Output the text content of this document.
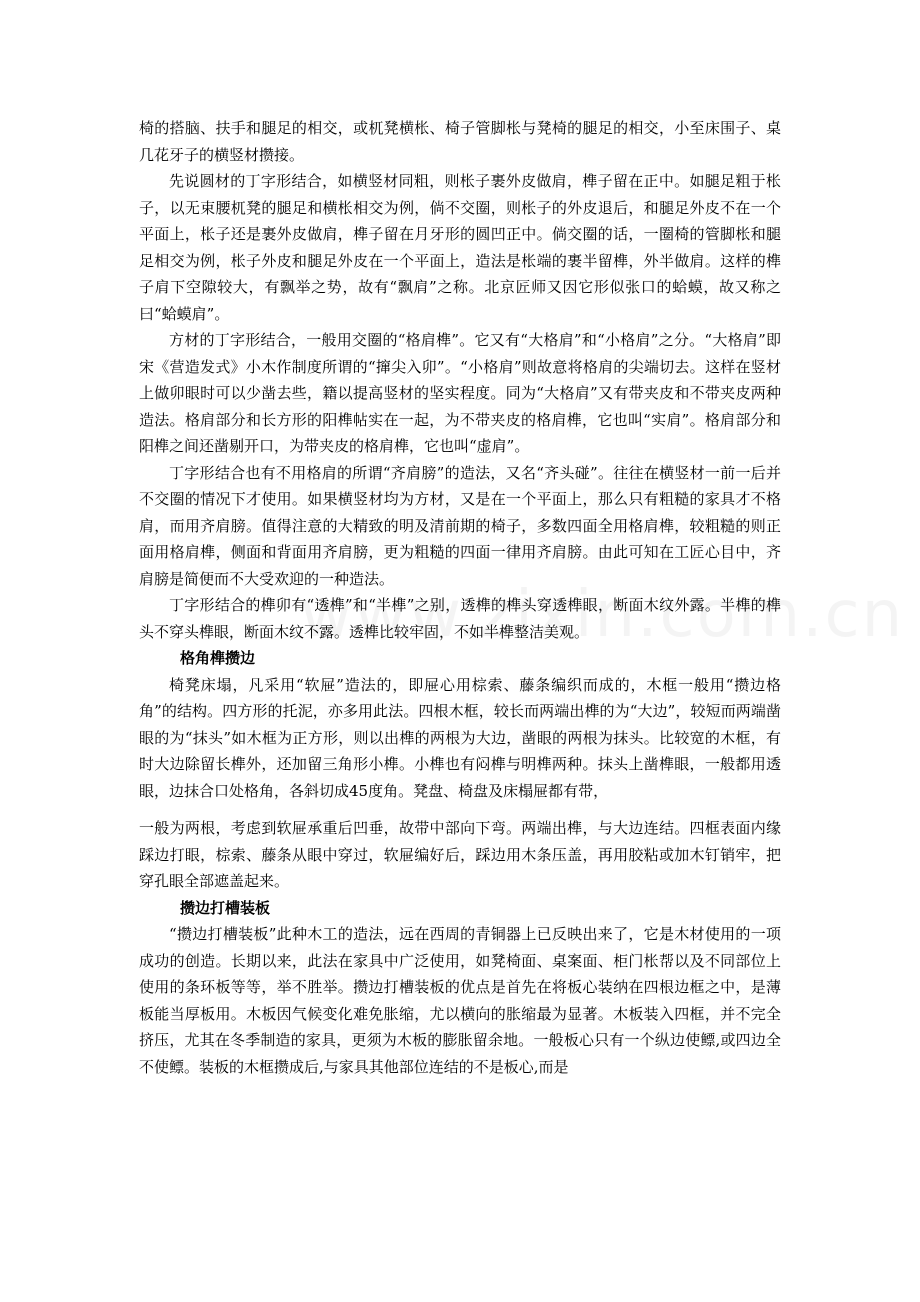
椅的搭脑、扶手和腿足的相交，或杌凳横枨、椅子管脚枨与凳椅的腿足的相交，小至床围子、桌几花牙子的横竖材攒接。

先说圆材的丁字形结合，如横竖材同粗，则枨子裹外皮做肩，榫子留在正中。如腿足粗于枨子，以无束腰杌凳的腿足和横枨相交为例，倘不交圈，则枨子的外皮退后，和腿足外皮不在一个平面上，枨子还是裹外皮做肩，榫子留在月牙形的圆凹正中。倘交圈的话，一圈椅的管脚枨和腿足相交为例，枨子外皮和腿足外皮在一个平面上，造法是枨端的裹半留榫，外半做肩。这样的榫子肩下空隙较大，有飘举之势，故有“飘肩”之称。北京匠师又因它形似张口的蛤蟆，故又称之曰“蛤蟆肩”。

方材的丁字形结合，一般用交圈的“格肩榫”。它又有“大格肩”和“小格肩”之分。“大格肩”即宋《营造发式》小木作制度所谓的“撺尖入卯”。“小格肩”则故意将格肩的尖端切去。这样在竖材上做卯眼时可以少凿去些，籍以提高竖材的坚实程度。同为“大格肩”又有带夹皮和不带夹皮两种造法。格肩部分和长方形的阳榫帖实在一起，为不带夹皮的格肩榫，它也叫“实肩”。格肩部分和阳榫之间还凿剔开口，为带夹皮的格肩榫，它也叫“虚肩”。

丁字形结合也有不用格肩的所谓“齐肩膀”的造法，又名“齐头碰”。往往在横竖材一前一后并不交圈的情况下才使用。如果横竖材均为方材，又是在一个平面上，那么只有粗糙的家具才不格肩，而用齐肩膀。值得注意的大精致的明及清前期的椅子，多数四面全用格肩榫，较粗糙的则正面用格肩榫，侧面和背面用齐肩膀，更为粗糙的四面一律用齐肩膀。由此可知在工匠心目中，齐肩膀是简便而不大受欢迎的一种造法。

丁字形结合的榫卯有“透榫”和“半榫”之别，透榫的榫头穿透榫眼，断面木纹外露。半榫的榫头不穿头榫眼，断面木纹不露。透榫比较牢固，不如半榫整洁美观。

格角榫攒边

椅凳床塌，凡采用“软屉”造法的，即屉心用棕索、藤条编织而成的，木框一般用“攒边格角”的结构。四方形的托泥，亦多用此法。四根木框，较长而两端出榫的为“大边”，较短而两端凿眼的为“抹头”如木框为正方形，则以出榫的两根为大边，凿眼的两根为抹头。比较宽的木框，有时大边除留长榫外，还加留三角形小榫。小榫也有闷榫与明榫两种。抹头上凿榫眼，一般都用透眼，边抹合口处格角，各斜切成45度角。凳盘、椅盘及床榻屉都有带，

一般为两根，考虑到软屉承重后凹垂，故带中部向下弯。两端出榫，与大边连结。四框表面内缘踩边打眼，棕索、藤条从眼中穿过，软屉编好后，踩边用木条压盖，再用胶粘或加木钉销牢，把穿孔眼全部遮盖起来。

攒边打槽装板

“攒边打槽装板”此种木工的造法，远在西周的青铜器上已反映出来了，它是木材使用的一项成功的创造。长期以来，此法在家具中广泛使用，如凳椅面、桌案面、柜门枨帮以及不同部位上使用的条环板等等，举不胜举。攒边打槽装板的优点是首先在将板心装纳在四根边框之中，是薄板能当厚板用。木板因气候变化难免胀缩，尤以横向的胀缩最为显著。木板装入四框，并不完全挤压，尤其在冬季制造的家具，更须为木板的膨胀留余地。一般板心只有一个纵边使鳔,或四边全不使鳔。装板的木框攒成后,与家具其他部位连结的不是板心,而是
